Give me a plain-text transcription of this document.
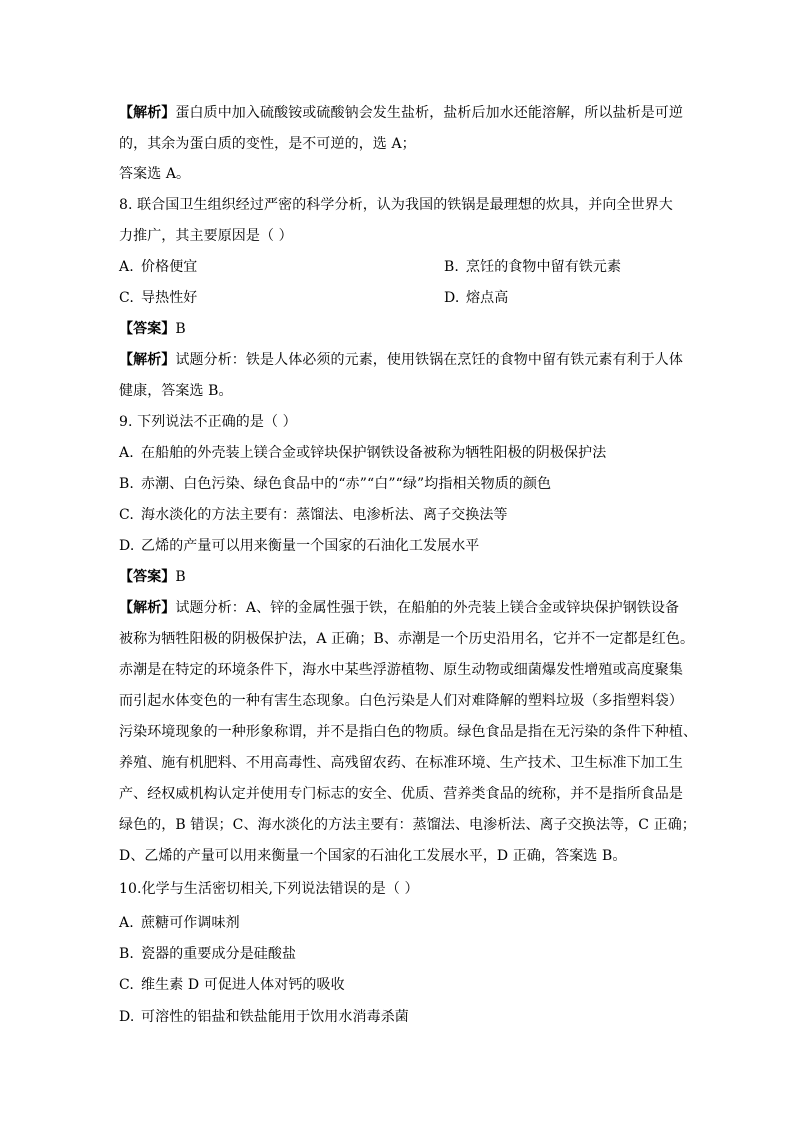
【解析】蛋白质中加入硫酸铵或硫酸钠会发生盐析，盐析后加水还能溶解，所以盐析是可逆
的，其余为蛋白质的变性，是不可逆的，选 A；
答案选 A。
8. 联合国卫生组织经过严密的科学分析，认为我国的铁锅是最理想的炊具，并向全世界大
力推广，其主要原因是（ ）
A. 价格便宜	B. 烹饪的食物中留有铁元素
C. 导热性好	D. 熔点高
【答案】B
【解析】试题分析：铁是人体必须的元素，使用铁锅在烹饪的食物中留有铁元素有利于人体
健康，答案选 B。
9. 下列说法不正确的是（ ）
A. 在船舶的外壳装上镁合金或锌块保护钢铁设备被称为牺牲阳极的阴极保护法
B. 赤潮、白色污染、绿色食品中的“赤”“白”“绿”均指相关物质的颜色
C. 海水淡化的方法主要有：蒸馏法、电渗析法、离子交换法等
D. 乙烯的产量可以用来衡量一个国家的石油化工发展水平
【答案】B
【解析】试题分析：A、锌的金属性强于铁，在船舶的外壳装上镁合金或锌块保护钢铁设备
被称为牺牲阳极的阴极保护法，A 正确；B、赤潮是一个历史沿用名，它并不一定都是红色。
赤潮是在特定的环境条件下，海水中某些浮游植物、原生动物或细菌爆发性增殖或高度聚集
而引起水体变色的一种有害生态现象。白色污染是人们对难降解的塑料垃圾（多指塑料袋）
污染环境现象的一种形象称谓，并不是指白色的物质。绿色食品是指在无污染的条件下种植、
养殖、施有机肥料、不用高毒性、高残留农药、在标准环境、生产技术、卫生标准下加工生
产、经权威机构认定并使用专门标志的安全、优质、营养类食品的统称，并不是指所食品是
绿色的，B 错误；C、海水淡化的方法主要有：蒸馏法、电渗析法、离子交换法等，C 正确；
D、乙烯的产量可以用来衡量一个国家的石油化工发展水平，D 正确，答案选 B。
10.化学与生活密切相关,下列说法错误的是（ ）
A. 蔗糖可作调味剂
B. 瓷器的重要成分是硅酸盐
C. 维生素 D 可促进人体对钙的吸收
D. 可溶性的铝盐和铁盐能用于饮用水消毒杀菌
